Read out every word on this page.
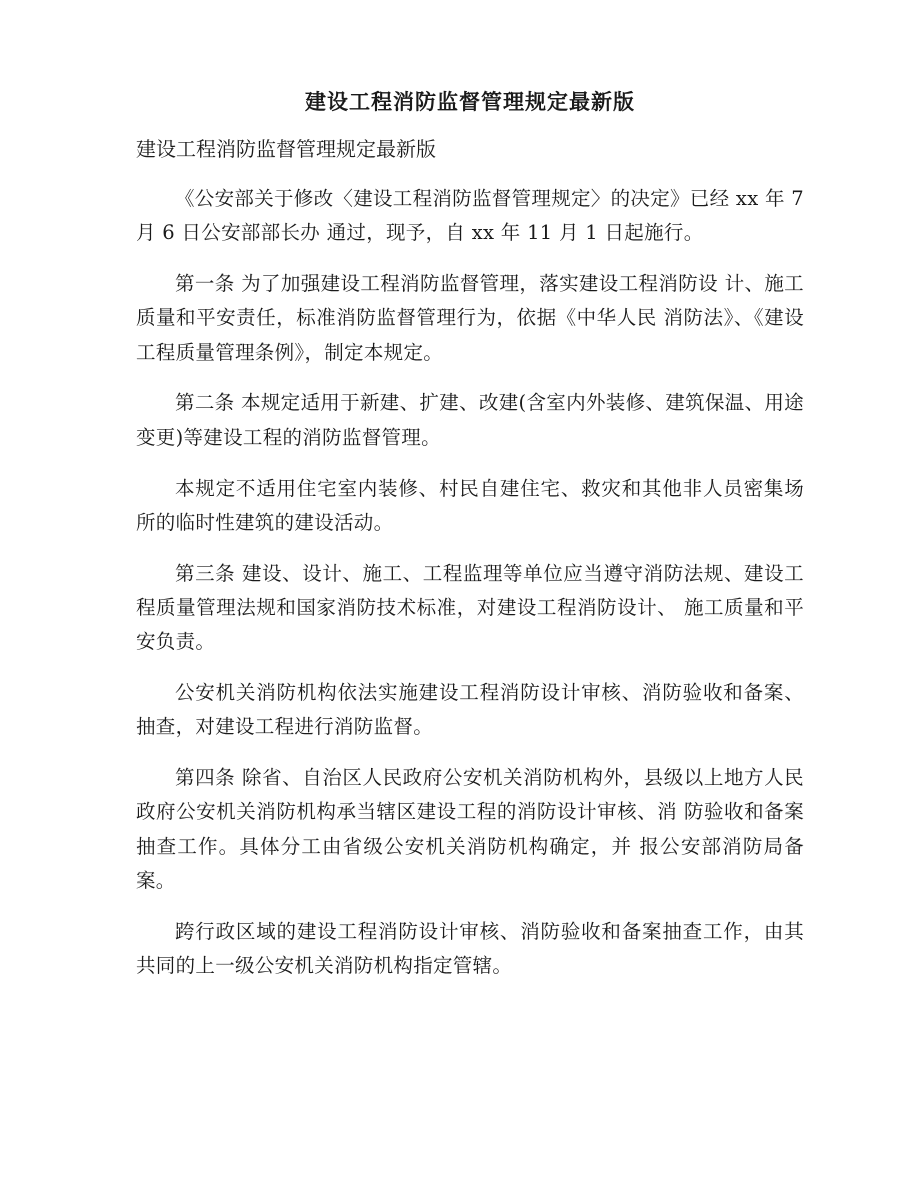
建设工程消防监督管理规定最新版

建设工程消防监督管理规定最新版

《公安部关于修改〈建设工程消防监督管理规定〉的决定》已经 xx 年 7 月 6 日公安部部长办 通过，现予，自 xx 年 11 月 1 日起施行。

第一条 为了加强建设工程消防监督管理，落实建设工程消防设 计、施工质量和平安责任，标准消防监督管理行为，依据《中华人民 消防法》、《建设工程质量管理条例》，制定本规定。

第二条 本规定适用于新建、扩建、改建(含室内外装修、建筑保温、用途变更)等建设工程的消防监督管理。

本规定不适用住宅室内装修、村民自建住宅、救灾和其他非人员密集场所的临时性建筑的建设活动。

第三条 建设、设计、施工、工程监理等单位应当遵守消防法规、建设工程质量管理法规和国家消防技术标准，对建设工程消防设计、 施工质量和平安负责。

公安机关消防机构依法实施建设工程消防设计审核、消防验收和备案、抽查，对建设工程进行消防监督。

第四条 除省、自治区人民政府公安机关消防机构外，县级以上地方人民政府公安机关消防机构承当辖区建设工程的消防设计审核、消 防验收和备案抽查工作。具体分工由省级公安机关消防机构确定，并 报公安部消防局备案。

跨行政区域的建设工程消防设计审核、消防验收和备案抽查工作，由其共同的上一级公安机关消防机构指定管辖。
